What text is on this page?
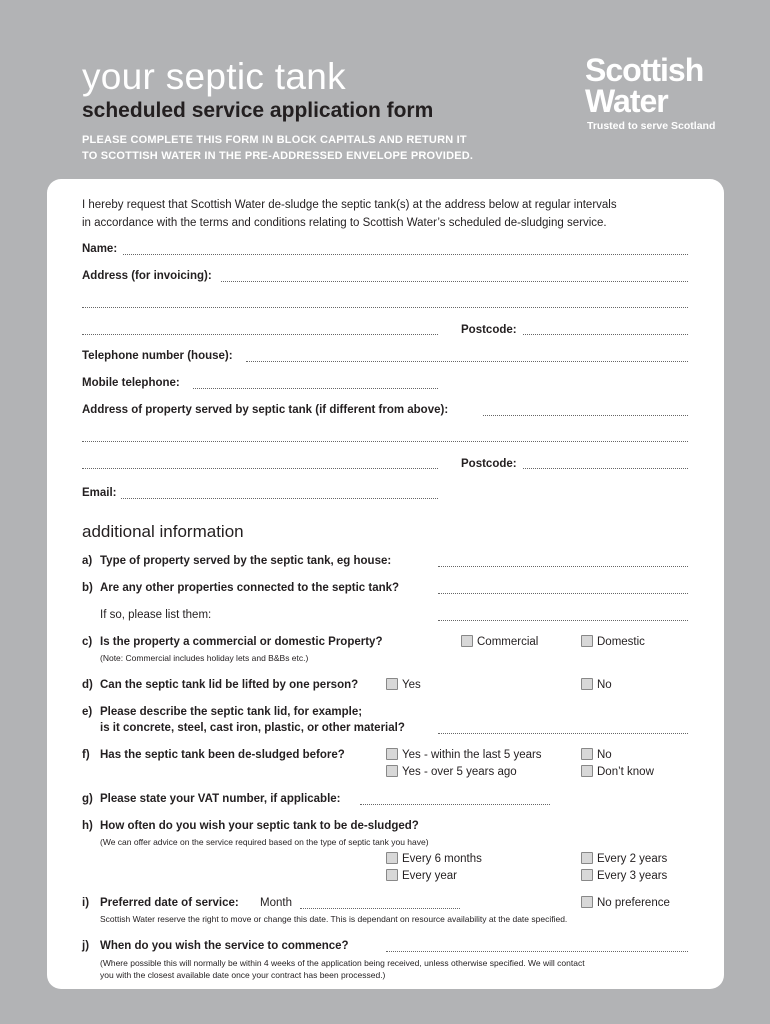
your septic tank
scheduled service application form
PLEASE COMPLETE THIS FORM IN BLOCK CAPITALS AND RETURN IT
TO SCOTTISH WATER IN THE PRE-ADDRESSED ENVELOPE PROVIDED.
Scottish
Water
Trusted to serve Scotland
I hereby request that Scottish Water de-sludge the septic tank(s) at the address below at regular intervals
in accordance with the terms and conditions relating to Scottish Water’s scheduled de-sludging service.
Name:
Address (for invoicing):
Postcode:
Telephone number (house):
Mobile telephone:
Address of property served by septic tank (if different from above):
Postcode:
Email:
additional information
a) Type of property served by the septic tank, eg house:
b) Are any other properties connected to the septic tank?
If so, please list them:
c) Is the property a commercial or domestic Property?	Commercial	Domestic
(Note: Commercial includes holiday lets and B&Bs etc.)
d) Can the septic tank lid be lifted by one person?	Yes	No
e) Please describe the septic tank lid, for example;
is it concrete, steel, cast iron, plastic, or other material?
f) Has the septic tank been de-sludged before?	Yes - within the last 5 years	No
Yes - over 5 years ago	Don’t know
g) Please state your VAT number, if applicable:
h) How often do you wish your septic tank to be de-sludged?
(We can offer advice on the service required based on the type of septic tank you have)
Every 6 months	Every 2 years
Every year	Every 3 years
i) Preferred date of service: Month	No preference
Scottish Water reserve the right to move or change this date. This is dependant on resource availability at the date specified.
j) When do you wish the service to commence?
(Where possible this will normally be within 4 weeks of the application being received, unless otherwise specified. We will contact
you with the closest available date once your contract has been processed.)
